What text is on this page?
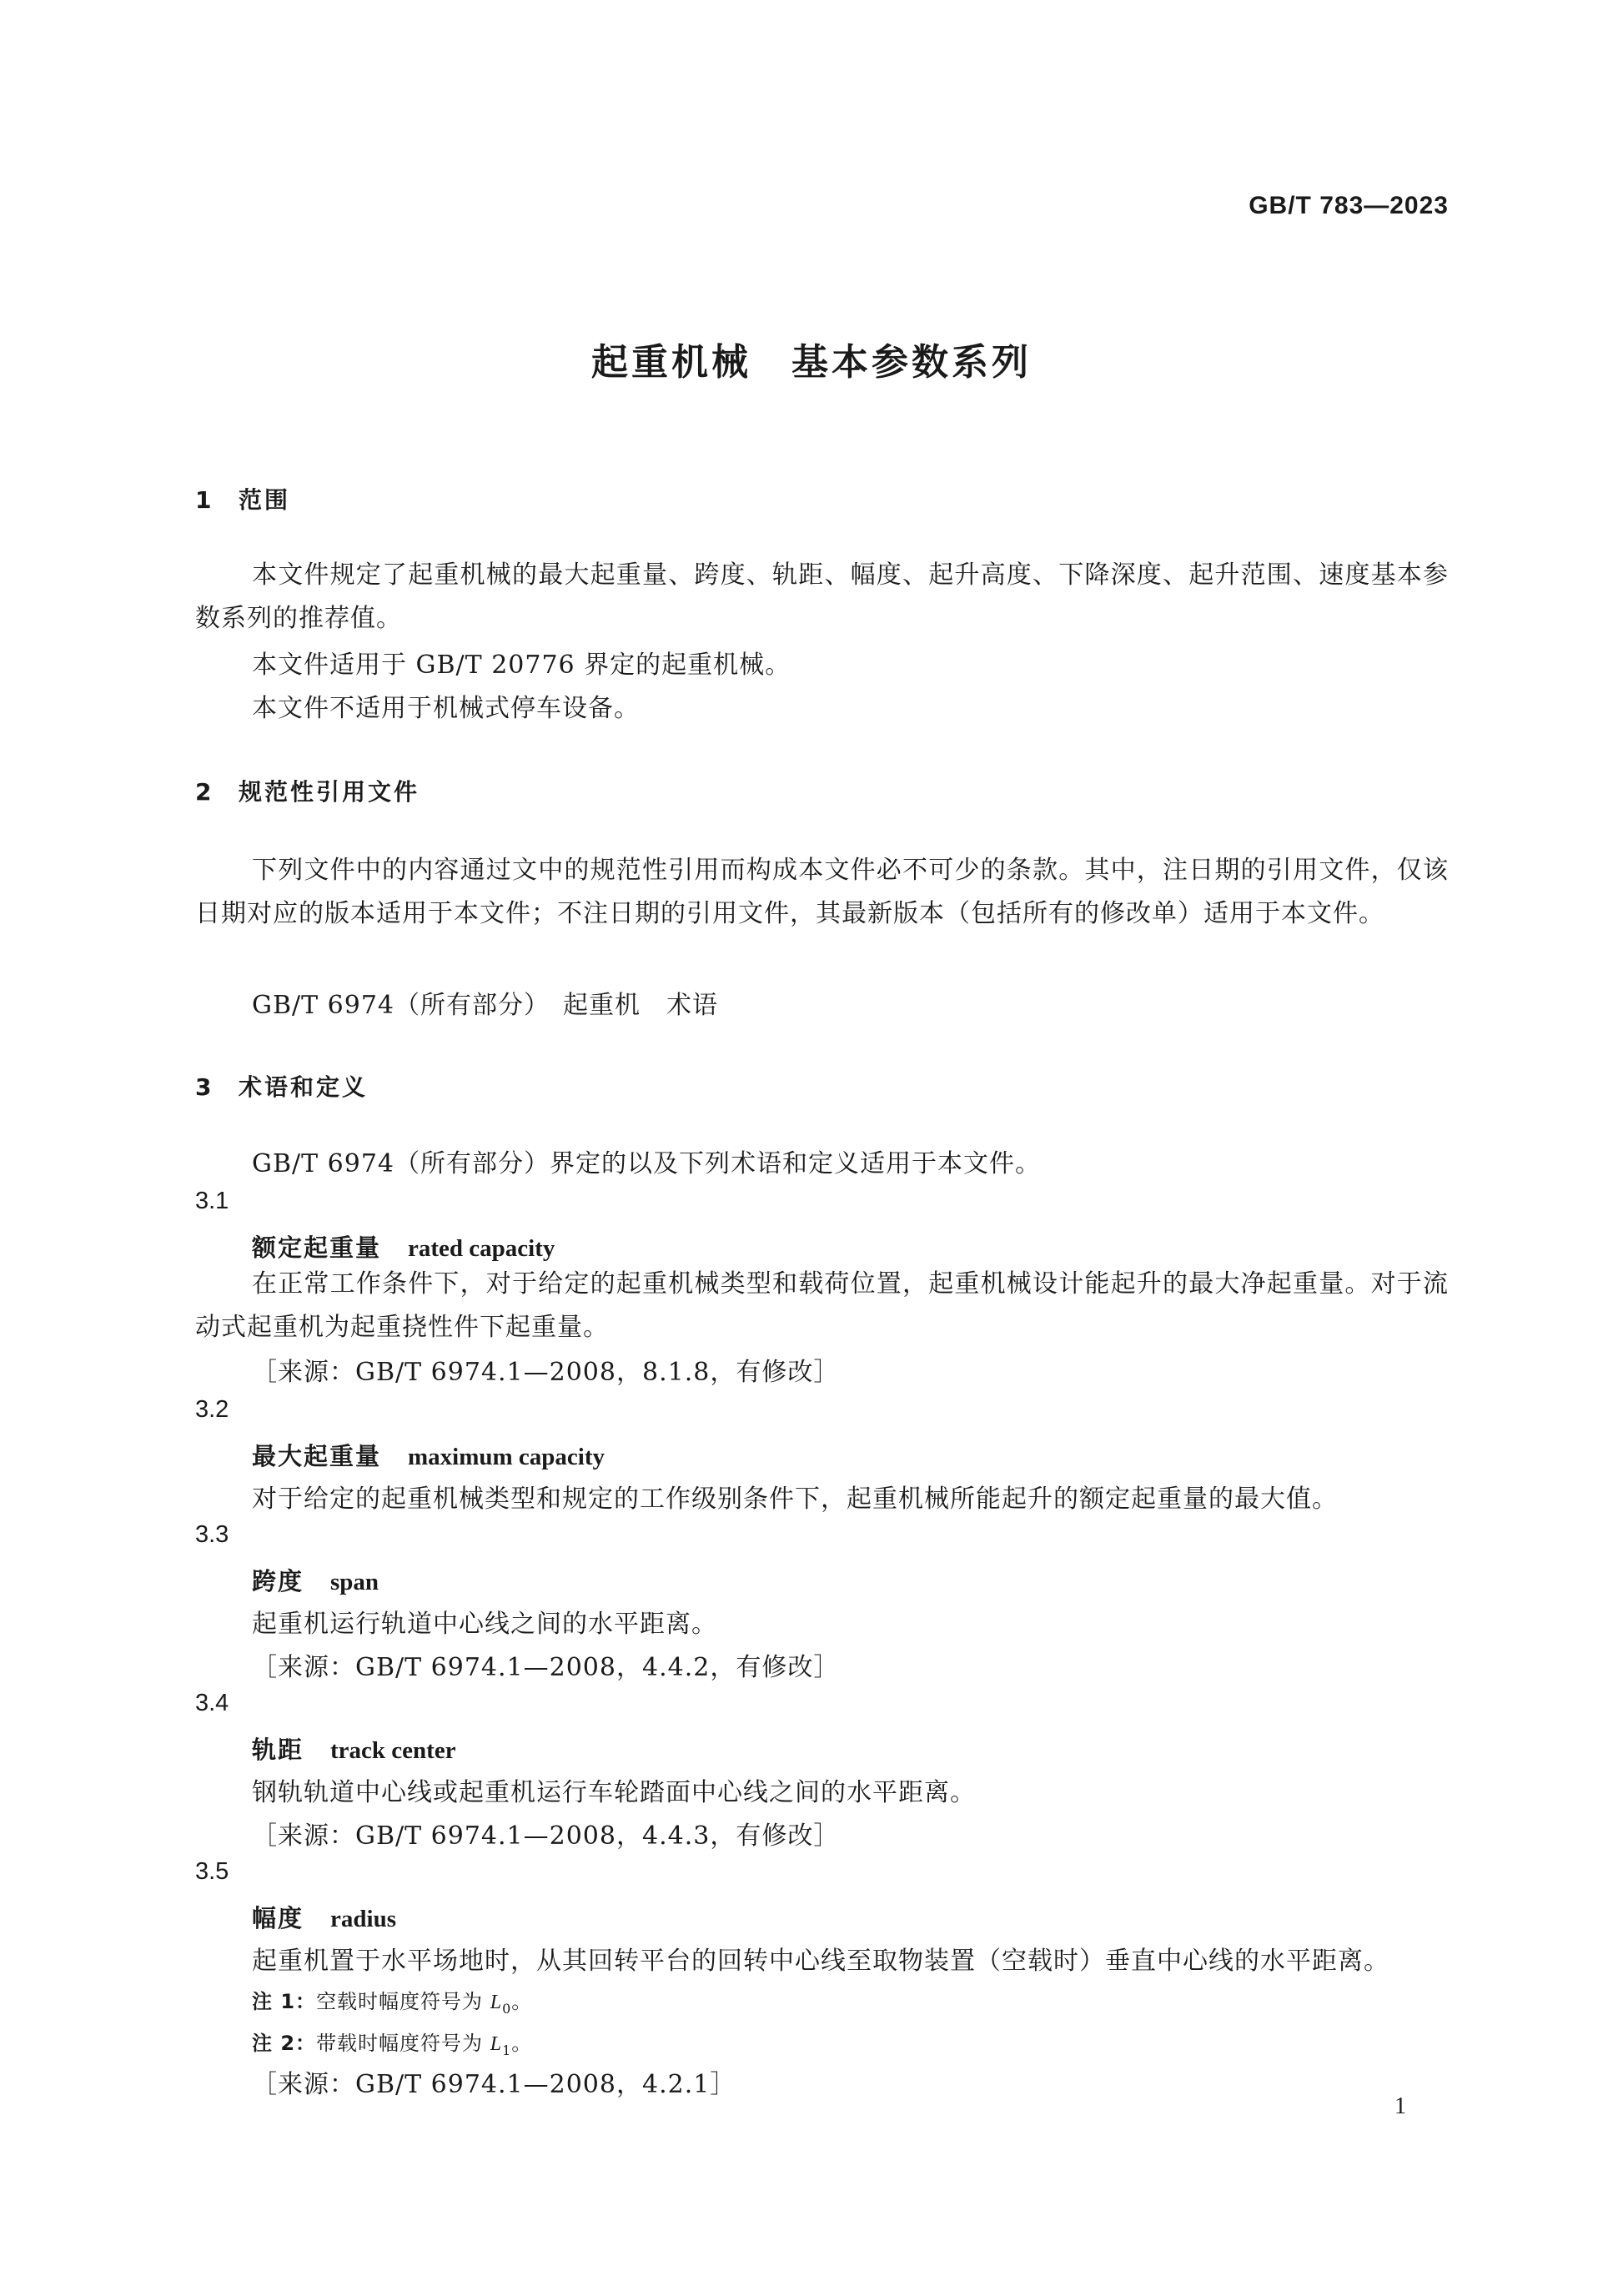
GB/T 783—2023
起重机械 基本参数系列
1 范围
本文件规定了起重机械的最大起重量、跨度、轨距、幅度、起升高度、下降深度、起升范围、速度基本参数系列的推荐值。
本文件适用于 GB/T 20776 界定的起重机械。
本文件不适用于机械式停车设备。
2 规范性引用文件
下列文件中的内容通过文中的规范性引用而构成本文件必不可少的条款。其中，注日期的引用文件，仅该日期对应的版本适用于本文件；不注日期的引用文件，其最新版本（包括所有的修改单）适用于本文件。
GB/T 6974（所有部分）　起重机　术语
3 术语和定义
GB/T 6974（所有部分）界定的以及下列术语和定义适用于本文件。
3.1
额定起重量 rated capacity
在正常工作条件下，对于给定的起重机械类型和载荷位置，起重机械设计能起升的最大净起重量。对于流动式起重机为起重挠性件下起重量。
［来源：GB/T 6974.1—2008，8.1.8，有修改］
3.2
最大起重量 maximum capacity
对于给定的起重机械类型和规定的工作级别条件下，起重机械所能起升的额定起重量的最大值。
3.3
跨度 span
起重机运行轨道中心线之间的水平距离。
［来源：GB/T 6974.1—2008，4.4.2，有修改］
3.4
轨距 track center
钢轨轨道中心线或起重机运行车轮踏面中心线之间的水平距离。
［来源：GB/T 6974.1—2008，4.4.3，有修改］
3.5
幅度 radius
起重机置于水平场地时，从其回转平台的回转中心线至取物装置（空载时）垂直中心线的水平距离。
注 1：空载时幅度符号为 $L_0$。
注 2：带载时幅度符号为 $L_1$。
［来源：GB/T 6974.1—2008，4.2.1］
1
